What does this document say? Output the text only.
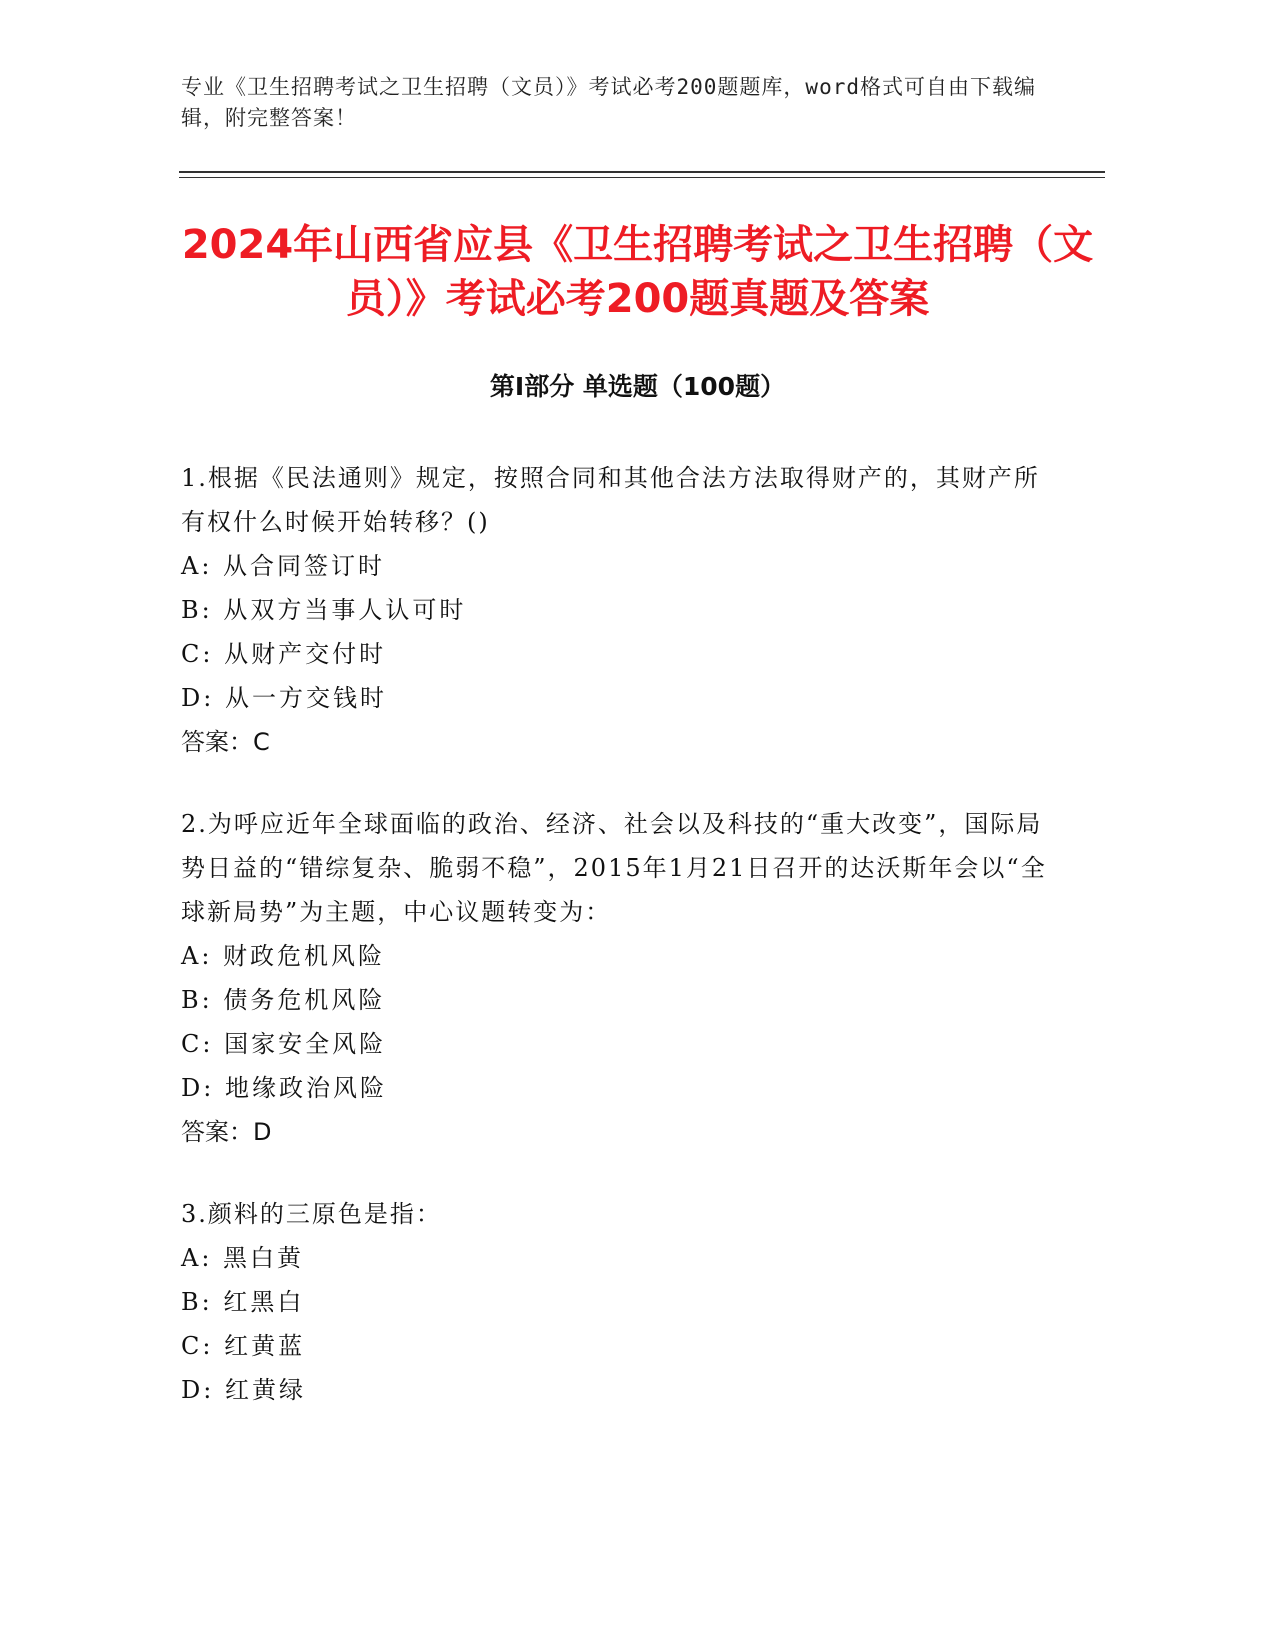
专业《卫生招聘考试之卫生招聘（文员）》考试必考200题题库，word格式可自由下载编辑，附完整答案！
2024年山西省应县《卫生招聘考试之卫生招聘（文员）》考试必考200题真题及答案
第Ⅰ部分 单选题（100题）

1.根据《民法通则》规定，按照合同和其他合法方法取得财产的，其财产所有权什么时候开始转移？()

A: 从合同签订时

B: 从双方当事人认可时

C: 从财产交付时

D: 从一方交钱时

答案：C

2.为呼应近年全球面临的政治、经济、社会以及科技的“重大改变”，国际局势日益的“错综复杂、脆弱不稳”，2015年1月21日召开的达沃斯年会以“全球新局势”为主题，中心议题转变为：

A: 财政危机风险

B: 债务危机风险

C: 国家安全风险

D: 地缘政治风险

答案：D

3.颜料的三原色是指：

A: 黑白黄

B: 红黑白

C: 红黄蓝

D: 红黄绿
